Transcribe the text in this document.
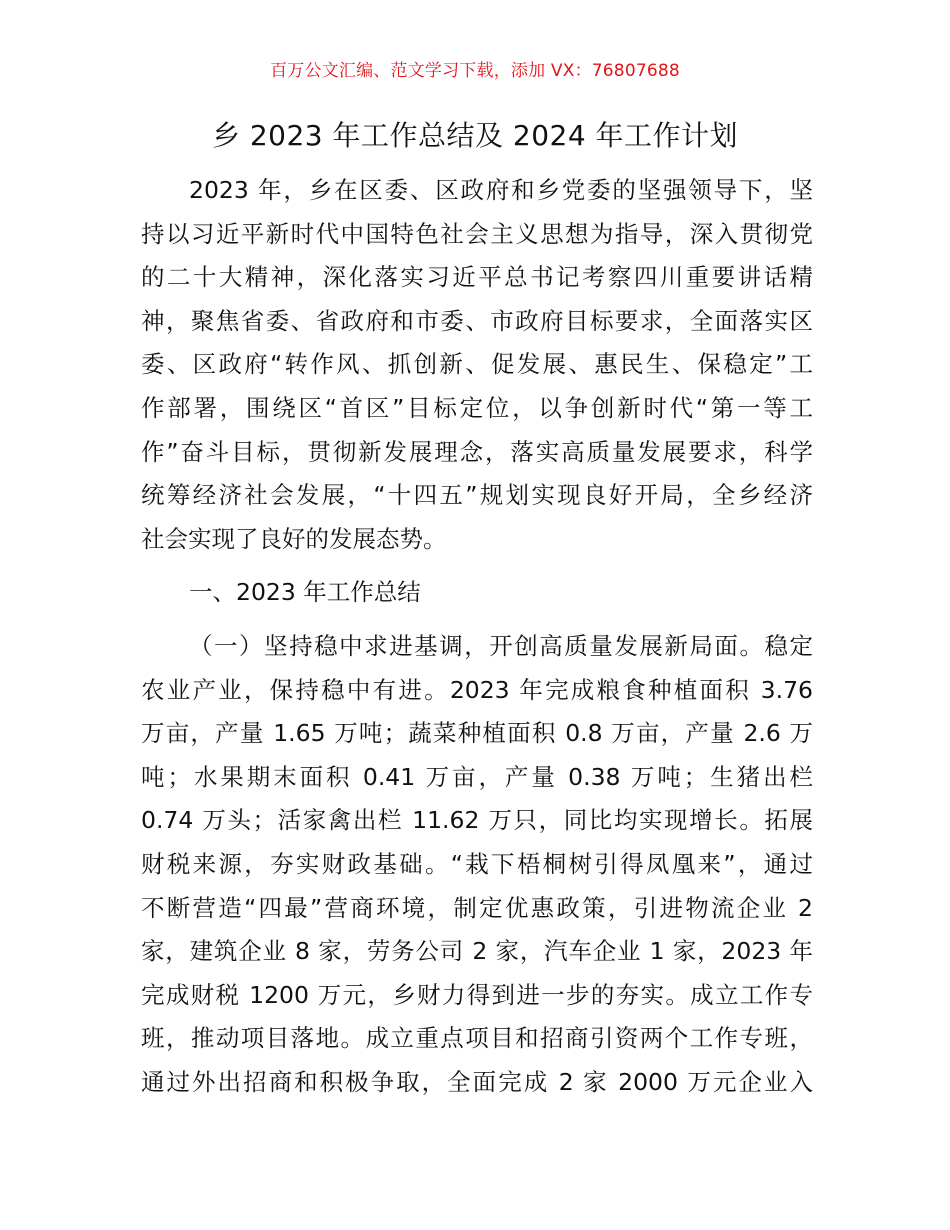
百万公文汇编、范文学习下载，添加 VX：76807688
乡 2023 年工作总结及 2024 年工作计划
2023 年，乡在区委、区政府和乡党委的坚强领导下，坚
持以习近平新时代中国特色社会主义思想为指导，深入贯彻党
的二十大精神，深化落实习近平总书记考察四川重要讲话精
神，聚焦省委、省政府和市委、市政府目标要求，全面落实区
委、区政府“转作风、抓创新、促发展、惠民生、保稳定”工
作部署，围绕区“首区”目标定位，以争创新时代“第一等工
作”奋斗目标，贯彻新发展理念，落实高质量发展要求，科学
统筹经济社会发展，“十四五”规划实现良好开局，全乡经济
社会实现了良好的发展态势。
一、2023 年工作总结
（一）坚持稳中求进基调，开创高质量发展新局面。稳定
农业产业，保持稳中有进。2023 年完成粮食种植面积 3.76
万亩，产量 1.65 万吨；蔬菜种植面积 0.8 万亩，产量 2.6 万
吨；水果期末面积 0.41 万亩，产量 0.38 万吨；生猪出栏
0.74 万头；活家禽出栏 11.62 万只，同比均实现增长。拓展
财税来源，夯实财政基础。“栽下梧桐树引得凤凰来”，通过
不断营造“四最”营商环境，制定优惠政策，引进物流企业 2
家，建筑企业 8 家，劳务公司 2 家，汽车企业 1 家，2023 年
完成财税 1200 万元，乡财力得到进一步的夯实。成立工作专
班，推动项目落地。成立重点项目和招商引资两个工作专班，
通过外出招商和积极争取，全面完成 2 家 2000 万元企业入
